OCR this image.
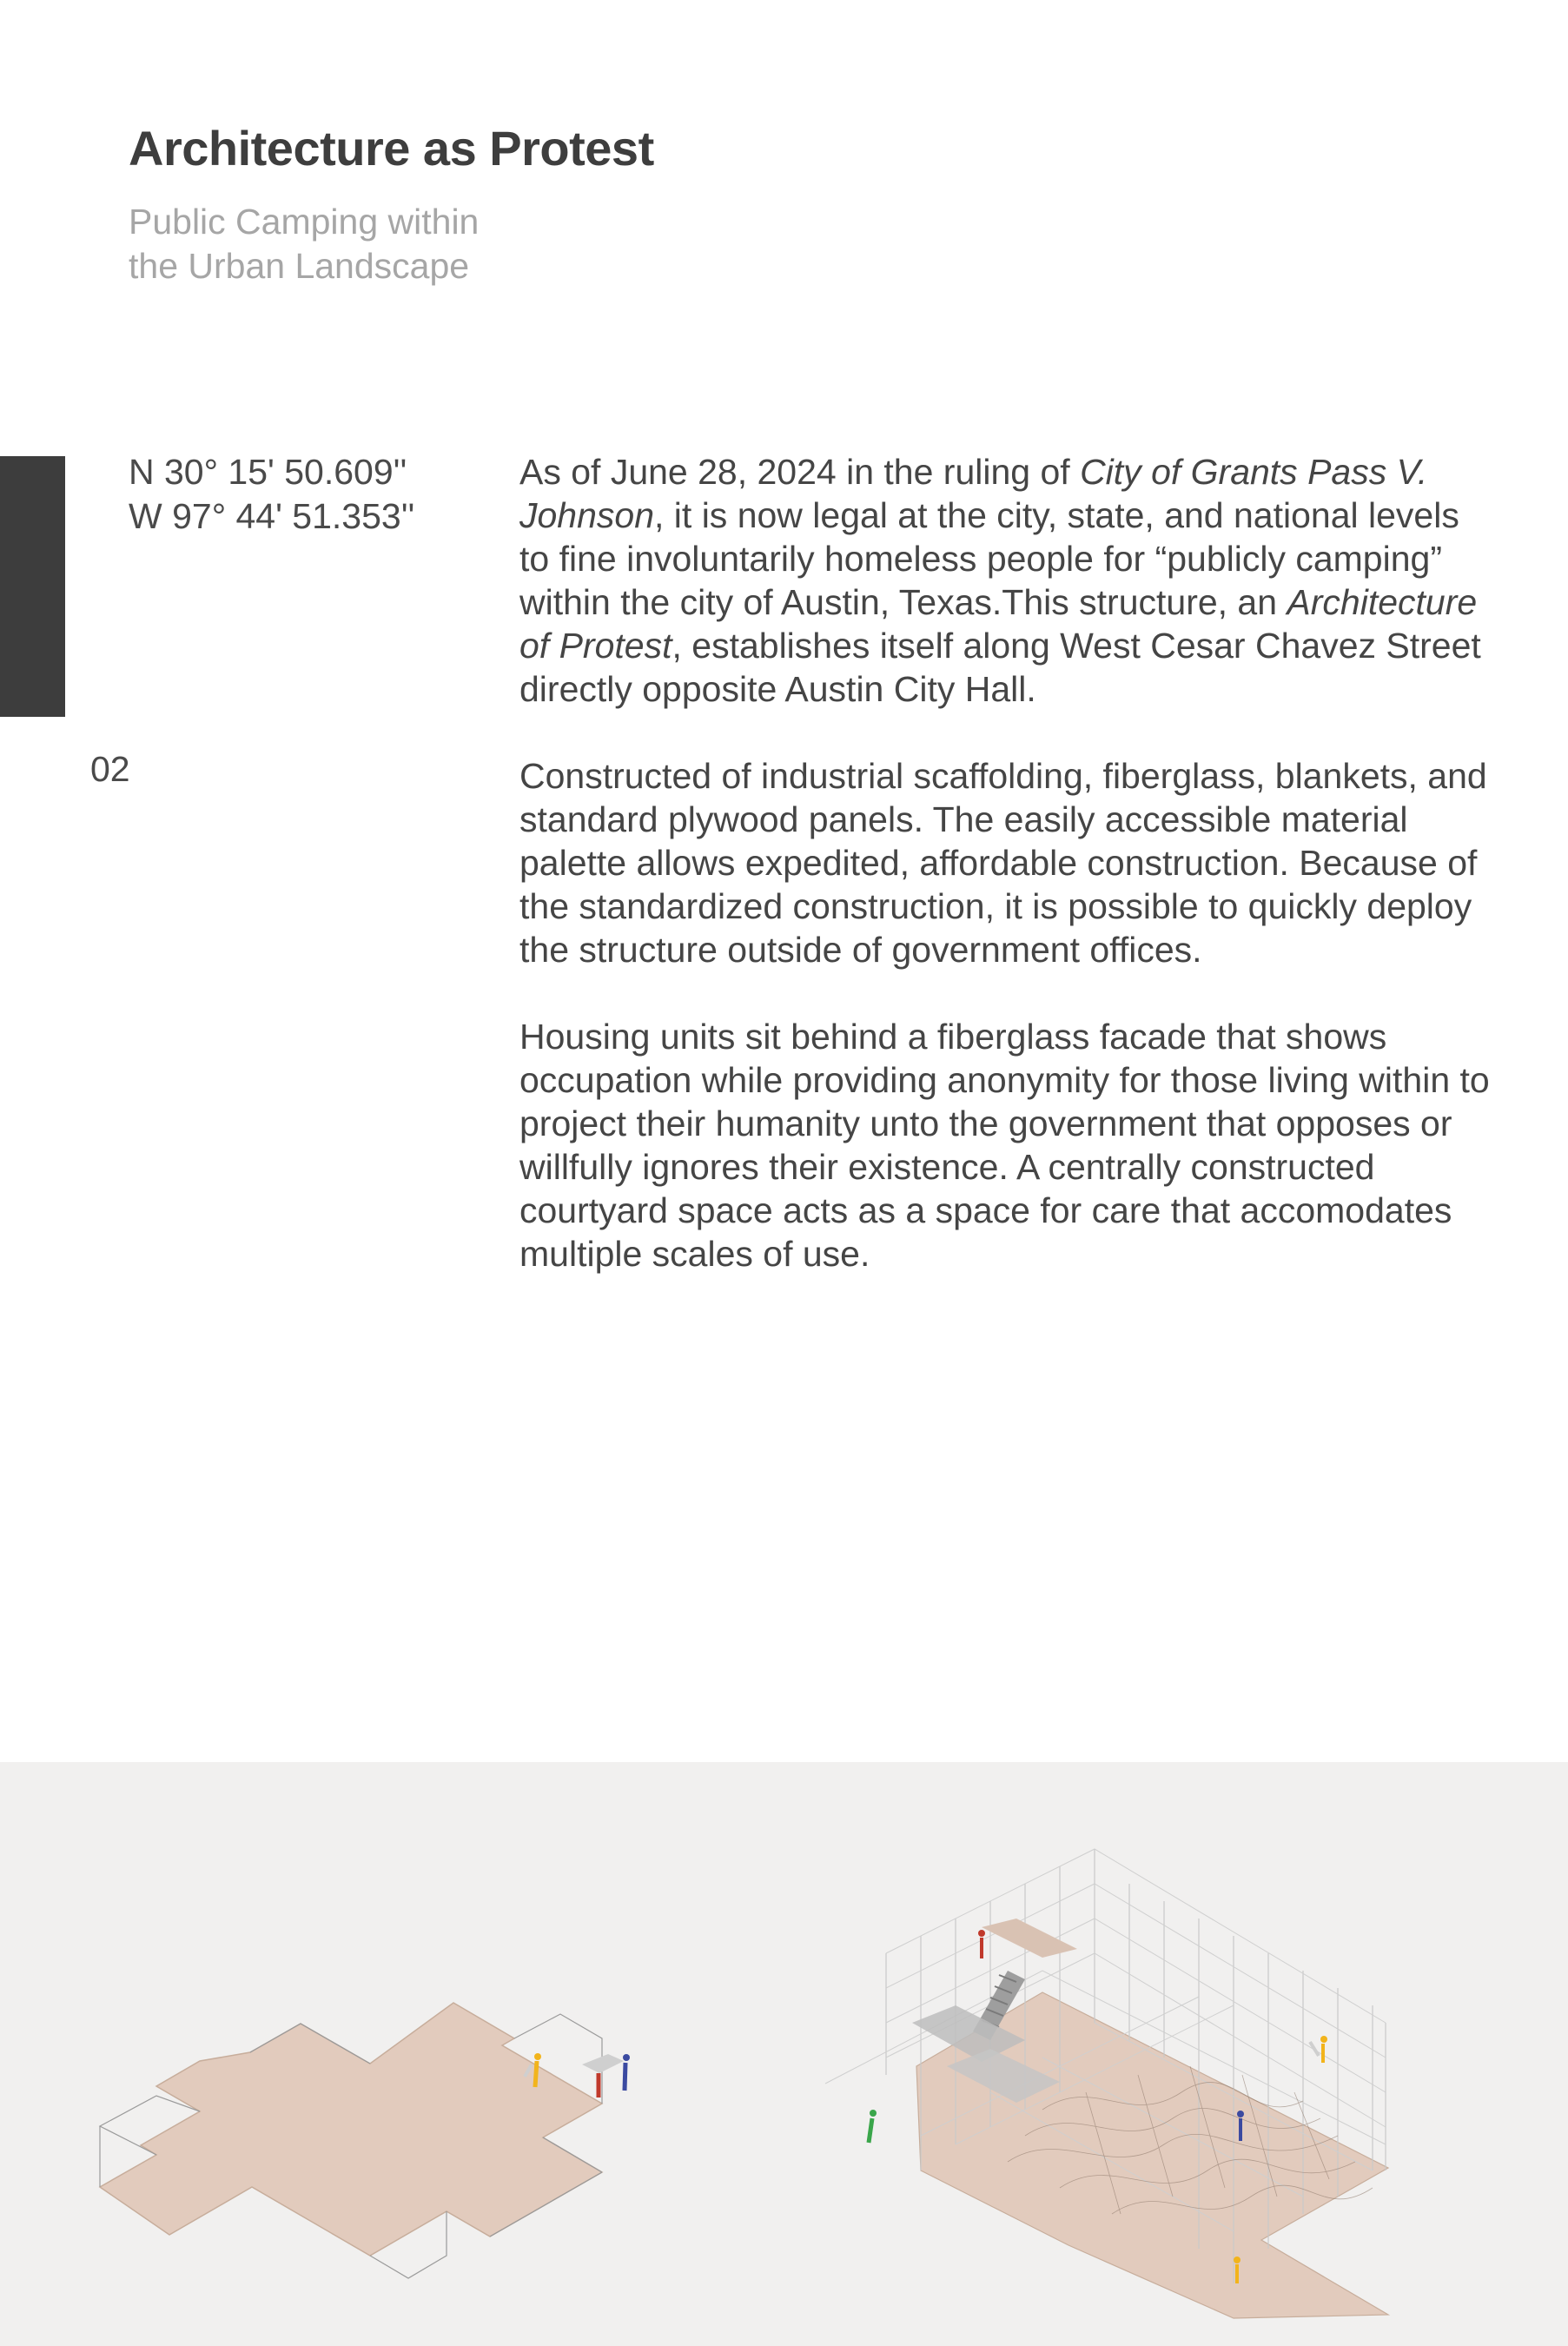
Architecture as Protest
Public Camping within
the Urban Landscape
02
N 30° 15' 50.609''
W 97° 44' 51.353''

As of June 28, 2024 in the ruling of City of Grants Pass V. Johnson, it is now legal at the city, state, and national levels to fine involuntarily homeless people for “publicly camping” within the city of Austin, Texas.This structure, an Architecture of Protest, establishes itself along West Cesar Chavez Street directly opposite Austin City Hall.

Constructed of industrial scaffolding, fiberglass, blankets, and standard plywood panels. The easily accessible material palette allows expedited, affordable construction. Because of the standardized construction, it is possible to quickly deploy the structure outside of government offices.

Housing units sit behind a fiberglass facade that shows occupation while providing anonymity for those living within to project their humanity unto the government that opposes or willfully ignores their existence. A centrally constructed courtyard space acts as a space for care that accomodates multiple scales of use.
